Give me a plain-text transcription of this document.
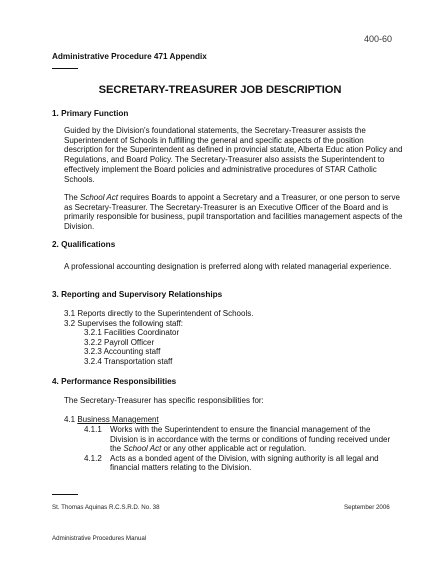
400-60
Administrative Procedure 471 Appendix
SECRETARY-TREASURER JOB DESCRIPTION
1. Primary Function
Guided by the Division's foundational statements, the Secretary-Treasurer assists the Superintendent of Schools in fulfilling the general and specific aspects of the position description for the Superintendent as defined in provincial statute, Alberta Educ ation Policy and Regulations, and Board Policy. The Secretary-Treasurer also assists the Superintendent to effectively implement the Board policies and administrative procedures of STAR Catholic Schools.
The School Act requires Boards to appoint a Secretary and a Treasurer, or one person to serve as Secretary-Treasurer. The Secretary-Treasurer is an Executive Officer of the Board and is primarily responsible for business, pupil transportation and facilities management aspects of the Division.
2. Qualifications
A professional accounting designation is preferred along with related managerial experience.
3. Reporting and Supervisory Relationships
3.1 Reports directly to the Superintendent of Schools.
3.2 Supervises the following staff:
3.2.1 Facilities Coordinator
3.2.2 Payroll Officer
3.2.3 Accounting staff
3.2.4 Transportation staff
4. Performance Responsibilities
The Secretary-Treasurer has specific responsibilities for:
4.1 Business Management
4.1.1 Works with the Superintendent to ensure the financial management of the
Division is in accordance with the terms or conditions of funding received under
the School Act or any other applicable act or regulation.
4.1.2 Acts as a bonded agent of the Division, with signing authority is all legal and
financial matters relating to the Division.
St. Thomas Aquinas R.C.S.R.D. No. 38	September 2006
Administrative Procedures Manual
